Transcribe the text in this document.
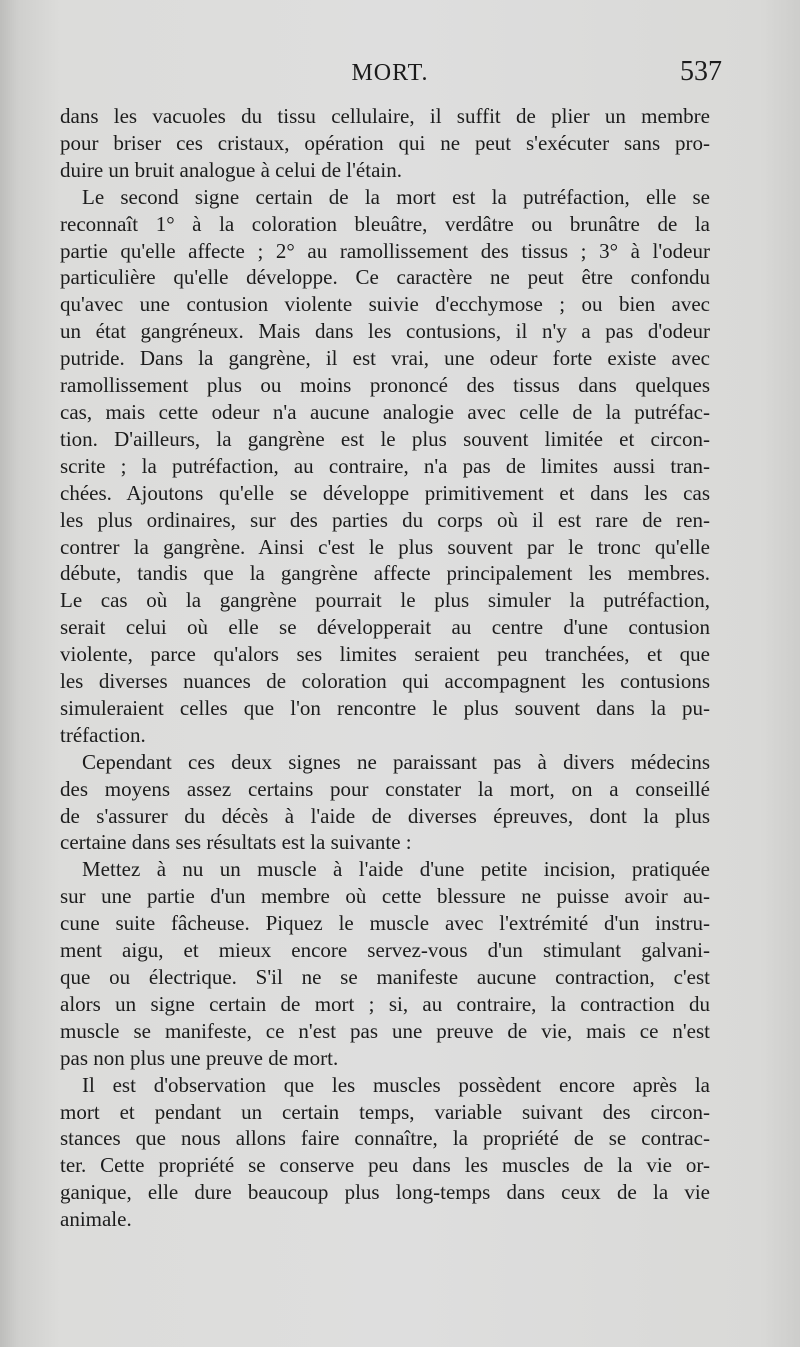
MORT.	537

dans les vacuoles du tissu cellulaire, il suffit de plier un membre
pour briser ces cristaux, opération qui ne peut s'exécuter sans pro-
duire un bruit analogue à celui de l'étain.

Le second signe certain de la mort est la putréfaction, elle se
reconnaît 1° à la coloration bleuâtre, verdâtre ou brunâtre de la
partie qu'elle affecte ; 2° au ramollissement des tissus ; 3° à l'odeur
particulière qu'elle développe. Ce caractère ne peut être confondu
qu'avec une contusion violente suivie d'ecchymose ; ou bien avec
un état gangréneux. Mais dans les contusions, il n'y a pas d'odeur
putride. Dans la gangrène, il est vrai, une odeur forte existe avec
ramollissement plus ou moins prononcé des tissus dans quelques
cas, mais cette odeur n'a aucune analogie avec celle de la putréfac-
tion. D'ailleurs, la gangrène est le plus souvent limitée et circon-
scrite ; la putréfaction, au contraire, n'a pas de limites aussi tran-
chées. Ajoutons qu'elle se développe primitivement et dans les cas
les plus ordinaires, sur des parties du corps où il est rare de ren-
contrer la gangrène. Ainsi c'est le plus souvent par le tronc qu'elle
débute, tandis que la gangrène affecte principalement les membres.
Le cas où la gangrène pourrait le plus simuler la putréfaction,
serait celui où elle se développerait au centre d'une contusion
violente, parce qu'alors ses limites seraient peu tranchées, et que
les diverses nuances de coloration qui accompagnent les contusions
simuleraient celles que l'on rencontre le plus souvent dans la pu-
tréfaction.

Cependant ces deux signes ne paraissant pas à divers médecins
des moyens assez certains pour constater la mort, on a conseillé
de s'assurer du décès à l'aide de diverses épreuves, dont la plus
certaine dans ses résultats est la suivante :

Mettez à nu un muscle à l'aide d'une petite incision, pratiquée
sur une partie d'un membre où cette blessure ne puisse avoir au-
cune suite fâcheuse. Piquez le muscle avec l'extrémité d'un instru-
ment aigu, et mieux encore servez-vous d'un stimulant galvani-
que ou électrique. S'il ne se manifeste aucune contraction, c'est
alors un signe certain de mort ; si, au contraire, la contraction du
muscle se manifeste, ce n'est pas une preuve de vie, mais ce n'est
pas non plus une preuve de mort.

Il est d'observation que les muscles possèdent encore après la
mort et pendant un certain temps, variable suivant des circon-
stances que nous allons faire connaître, la propriété de se contrac-
ter. Cette propriété se conserve peu dans les muscles de la vie or-
ganique, elle dure beaucoup plus long-temps dans ceux de la vie
animale.
